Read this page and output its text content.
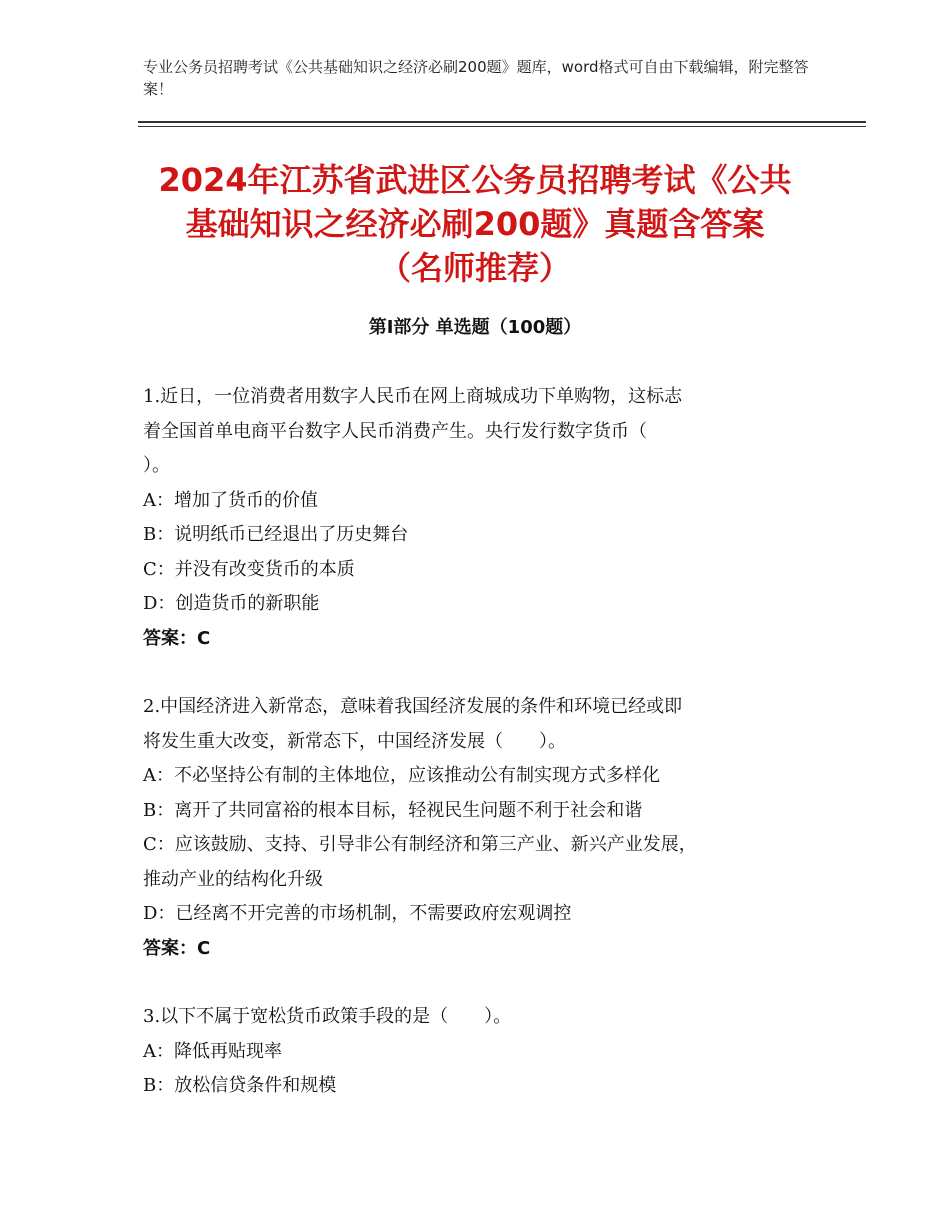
专业公务员招聘考试《公共基础知识之经济必刷200题》题库，word格式可自由下载编辑，附完整答案！
2024年江苏省武进区公务员招聘考试《公共
基础知识之经济必刷200题》真题含答案
（名师推荐）
第Ⅰ部分 单选题（100题）
1.近日，一位消费者用数字人民币在网上商城成功下单购物，这标志
着全国首单电商平台数字人民币消费产生。央行发行数字货币（
）。
A：增加了货币的价值
B：说明纸币已经退出了历史舞台
C：并没有改变货币的本质
D：创造货币的新职能
答案：C
2.中国经济进入新常态，意味着我国经济发展的条件和环境已经或即
将发生重大改变，新常态下，中国经济发展（　　）。
A：不必坚持公有制的主体地位，应该推动公有制实现方式多样化
B：离开了共同富裕的根本目标，轻视民生问题不利于社会和谐
C：应该鼓励、支持、引导非公有制经济和第三产业、新兴产业发展，
推动产业的结构化升级
D：已经离不开完善的市场机制，不需要政府宏观调控
答案：C
3.以下不属于宽松货币政策手段的是（　　）。
A：降低再贴现率
B：放松信贷条件和规模
